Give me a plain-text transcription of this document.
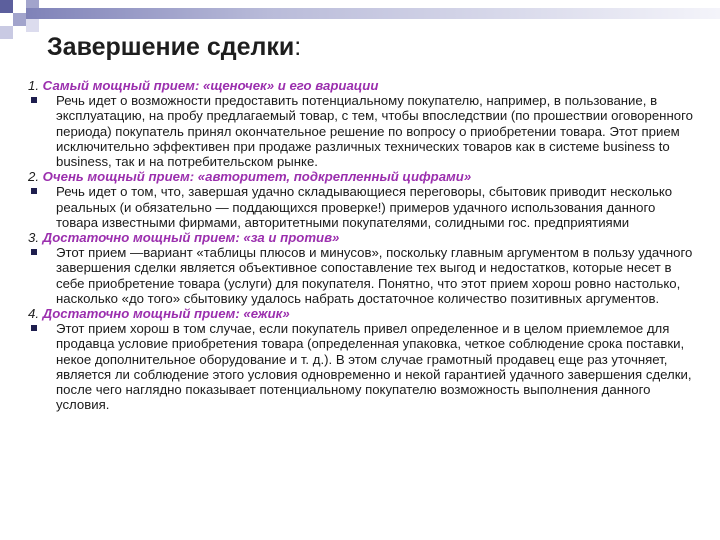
Завершение сделки:

1. Самый мощный прием: «щеночек» и его вариации

Речь идет о возможности предоставить потенциальному покупателю, например, в пользование, в эксплуатацию, на пробу предлагаемый товар, с тем, чтобы впоследствии (по прошествии оговоренного периода) покупатель принял окончательное решение по вопросу о приобретении товара. Этот прием исключительно эффективен при продаже различных технических товаров как в системе business to business, так и на потребительском рынке.

2. Очень мощный прием: «авторитет, подкрепленный цифрами»

Речь идет о том, что, завершая удачно складывающиеся переговоры, сбытовик приводит несколько реальных (и обязательно — поддающихся проверке!) примеров удачного использования данного товара известными фирмами, авторитетными покупателями, солидными гос. предприятиями

3. Достаточно мощный прием: «за и против»

Этот прием —вариант «таблицы плюсов и минусов», поскольку главным аргументом в пользу удачного завершения сделки является объективное сопоставление тех выгод и недостатков, которые несет в себе приобретение товара (услуги) для покупателя. Понятно, что этот прием хорош ровно настолько, насколько «до того» сбытовику удалось набрать достаточное количество позитивных аргументов.

4. Достаточно мощный прием: «ежик»

Этот прием хорош в том случае, если покупатель привел определенное и в целом приемлемое для продавца условие приобретения товара (определенная упаковка, четкое соблюдение срока поставки, некое дополнительное оборудование и т. д.). В этом случае грамотный продавец еще раз уточняет, является ли соблюдение этого условия одновременно и некой гарантией удачного завершения сделки, после чего наглядно показывает потенциальному покупателю возможность выполнения данного условия.
